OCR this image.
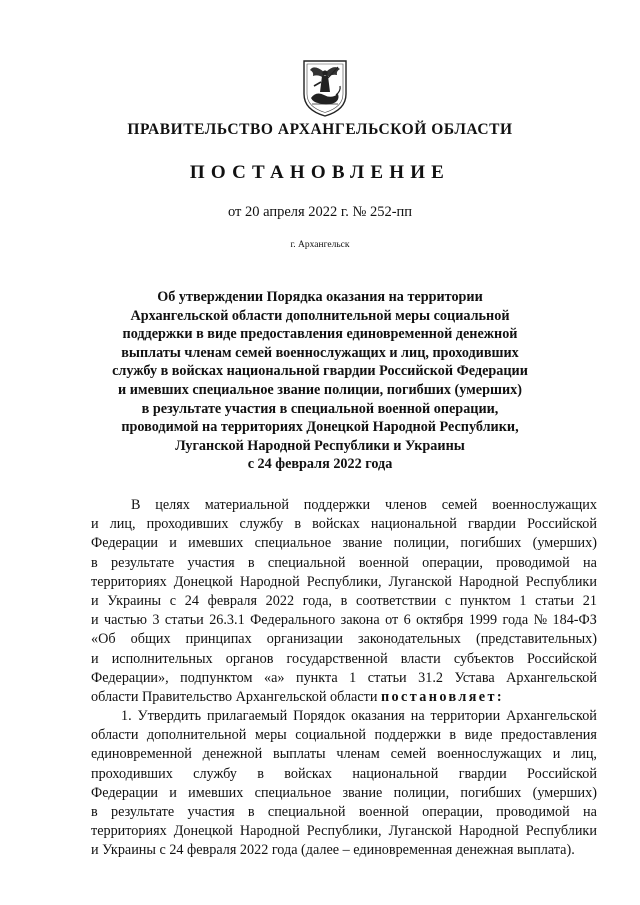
ПРАВИТЕЛЬСТВО АРХАНГЕЛЬСКОЙ ОБЛАСТИ
ПОСТАНОВЛЕНИЕ
от 20 апреля 2022 г. № 252-пп
г. Архангельск
Об утверждении Порядка оказания на территории
Архангельской области дополнительной меры социальной
поддержки в виде предоставления единовременной денежной
выплаты членам семей военнослужащих и лиц, проходивших
службу в войсках национальной гвардии Российской Федерации
и имевших специальное звание полиции, погибших (умерших)
в результате участия в специальной военной операции,
проводимой на территориях Донецкой Народной Республики,
Луганской Народной Республики и Украины
с 24 февраля 2022 года
В целях материальной поддержки членов семей военнослужащих
и лиц, проходивших службу в войсках национальной гвардии Российской
Федерации и имевших специальное звание полиции, погибших (умерших)
в результате участия в специальной военной операции, проводимой на
территориях Донецкой Народной Республики, Луганской Народной Республики
и Украины с 24 февраля 2022 года, в соответствии с пунктом 1 статьи 21
и частью 3 статьи 26.3.1 Федерального закона от 6 октября 1999 года № 184-ФЗ
«Об общих принципах организации законодательных (представительных)
и исполнительных органов государственной власти субъектов Российской
Федерации», подпунктом «а» пункта 1 статьи 31.2 Устава Архангельской
области Правительство Архангельской области
постановляет:
1. Утвердить прилагаемый Порядок оказания на территории Архангельской
области дополнительной меры социальной поддержки в виде предоставления
единовременной денежной выплаты членам семей военнослужащих и лиц,
проходивших службу в войсках национальной гвардии Российской
Федерации и имевших специальное звание полиции, погибших (умерших)
в результате участия в специальной военной операции, проводимой на
территориях Донецкой Народной Республики, Луганской Народной Республики
и Украины с 24 февраля 2022 года (далее – единовременная денежная выплата).
